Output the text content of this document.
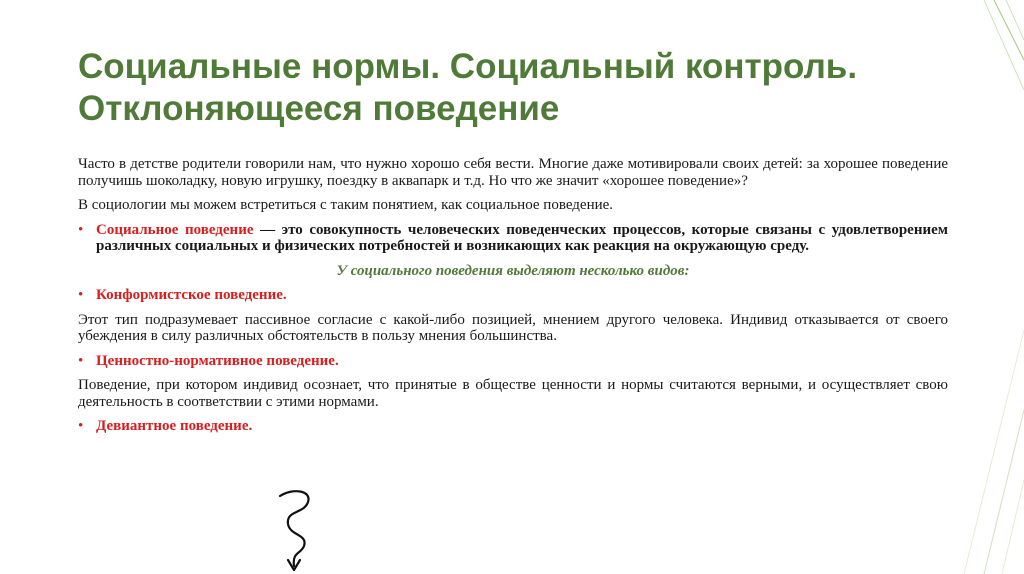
Социальные нормы. Социальный контроль. Отклоняющееся поведение

Часто в детстве родители говорили нам, что нужно хорошо себя вести. Многие даже мотивировали своих детей: за хорошее поведение получишь шоколадку, новую игрушку, поездку в аквапарк и т.д. Но что же значит «хорошее поведение»?

В социологии мы можем встретиться с таким понятием, как социальное поведение.

• Социальное поведение — это совокупность человеческих поведенческих процессов, которые связаны с удовлетворением различных социальных и физических потребностей и возникающих как реакция на окружающую среду.

У социального поведения выделяют несколько видов:

• Конформистское поведение.

Этот тип подразумевает пассивное согласие с какой-либо позицией, мнением другого человека. Индивид отказывается от своего убеждения в силу различных обстоятельств в пользу мнения большинства.

• Ценностно-нормативное поведение.

Поведение, при котором индивид осознает, что принятые в обществе ценности и нормы считаются верными, и осуществляет свою деятельность в соответствии с этими нормами.

• Девиантное поведение.
